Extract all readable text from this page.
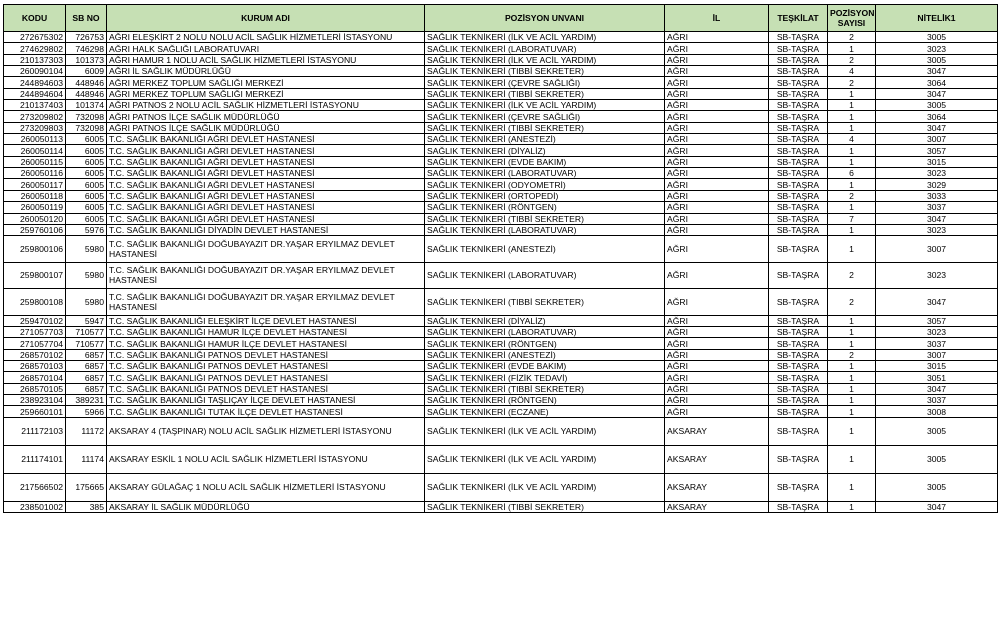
KODU	SB NO	KURUM ADI	POZİSYON UNVANI	İL	TEŞKİLAT	POZİSYON SAYISI	NİTELİK1
272675302	726753	AĞRI ELEŞKİRT 2 NOLU NOLU ACİL SAĞLIK HİZMETLERİ İSTASYONU	SAĞLIK TEKNİKERİ (İLK VE ACİL YARDIM)	AĞRI	SB-TAŞRA	2	3005
274629802	746298	AĞRI HALK SAĞLIĞI LABORATUVARI	SAĞLIK TEKNİKERİ (LABORATUVAR)	AĞRI	SB-TAŞRA	1	3023
210137303	101373	AĞRI HAMUR 1 NOLU ACİL SAĞLIK HİZMETLERİ İSTASYONU	SAĞLIK TEKNİKERİ (İLK VE ACİL YARDIM)	AĞRI	SB-TAŞRA	2	3005
260090104	6009	AĞRI İL SAĞLIK MÜDÜRLÜĞÜ	SAĞLIK TEKNİKERİ (TIBBİ SEKRETER)	AĞRI	SB-TAŞRA	4	3047
244894603	448946	AĞRI MERKEZ TOPLUM SAĞLIĞI MERKEZİ	SAĞLIK TEKNİKERİ (ÇEVRE SAĞLIĞI)	AĞRI	SB-TAŞRA	2	3064
244894604	448946	AĞRI MERKEZ TOPLUM SAĞLIĞI MERKEZİ	SAĞLIK TEKNİKERİ (TIBBİ SEKRETER)	AĞRI	SB-TAŞRA	1	3047
210137403	101374	AĞRI PATNOS 2 NOLU ACİL SAĞLIK HİZMETLERİ İSTASYONU	SAĞLIK TEKNİKERİ (İLK VE ACİL YARDIM)	AĞRI	SB-TAŞRA	1	3005
273209802	732098	AĞRI PATNOS İLÇE SAĞLIK MÜDÜRLÜĞÜ	SAĞLIK TEKNİKERİ (ÇEVRE SAĞLIĞI)	AĞRI	SB-TAŞRA	1	3064
273209803	732098	AĞRI PATNOS İLÇE SAĞLIK MÜDÜRLÜĞÜ	SAĞLIK TEKNİKERİ (TIBBİ SEKRETER)	AĞRI	SB-TAŞRA	1	3047
260050113	6005	T.C. SAĞLIK BAKANLIĞI AĞRI DEVLET HASTANESİ	SAĞLIK TEKNİKERİ (ANESTEZİ)	AĞRI	SB-TAŞRA	4	3007
260050114	6005	T.C. SAĞLIK BAKANLIĞI AĞRI DEVLET HASTANESİ	SAĞLIK TEKNİKERİ (DİYALİZ)	AĞRI	SB-TAŞRA	1	3057
260050115	6005	T.C. SAĞLIK BAKANLIĞI AĞRI DEVLET HASTANESİ	SAĞLIK TEKNİKERİ (EVDE BAKIM)	AĞRI	SB-TAŞRA	1	3015
260050116	6005	T.C. SAĞLIK BAKANLIĞI AĞRI DEVLET HASTANESİ	SAĞLIK TEKNİKERİ (LABORATUVAR)	AĞRI	SB-TAŞRA	6	3023
260050117	6005	T.C. SAĞLIK BAKANLIĞI AĞRI DEVLET HASTANESİ	SAĞLIK TEKNİKERİ (ODYOMETRİ)	AĞRI	SB-TAŞRA	1	3029
260050118	6005	T.C. SAĞLIK BAKANLIĞI AĞRI DEVLET HASTANESİ	SAĞLIK TEKNİKERİ (ORTOPEDİ)	AĞRI	SB-TAŞRA	2	3033
260050119	6005	T.C. SAĞLIK BAKANLIĞI AĞRI DEVLET HASTANESİ	SAĞLIK TEKNİKERİ (RÖNTGEN)	AĞRI	SB-TAŞRA	1	3037
260050120	6005	T.C. SAĞLIK BAKANLIĞI AĞRI DEVLET HASTANESİ	SAĞLIK TEKNİKERİ (TIBBİ SEKRETER)	AĞRI	SB-TAŞRA	7	3047
259760106	5976	T.C. SAĞLIK BAKANLIĞI DİYADİN DEVLET HASTANESİ	SAĞLIK TEKNİKERİ (LABORATUVAR)	AĞRI	SB-TAŞRA	1	3023
259800106	5980	T.C. SAĞLIK BAKANLIĞI DOĞUBAYAZIT DR.YAŞAR ERYILMAZ DEVLET HASTANESİ	SAĞLIK TEKNİKERİ (ANESTEZİ)	AĞRI	SB-TAŞRA	1	3007
259800107	5980	T.C. SAĞLIK BAKANLIĞI DOĞUBAYAZIT DR.YAŞAR ERYILMAZ DEVLET HASTANESİ	SAĞLIK TEKNİKERİ (LABORATUVAR)	AĞRI	SB-TAŞRA	2	3023
259800108	5980	T.C. SAĞLIK BAKANLIĞI DOĞUBAYAZIT DR.YAŞAR ERYILMAZ DEVLET HASTANESİ	SAĞLIK TEKNİKERİ (TIBBİ SEKRETER)	AĞRI	SB-TAŞRA	2	3047
259470102	5947	T.C. SAĞLIK BAKANLIĞI ELEŞKİRT İLÇE DEVLET HASTANESİ	SAĞLIK TEKNİKERİ (DİYALİZ)	AĞRI	SB-TAŞRA	1	3057
271057703	710577	T.C. SAĞLIK BAKANLIĞI HAMUR İLÇE DEVLET HASTANESİ	SAĞLIK TEKNİKERİ (LABORATUVAR)	AĞRI	SB-TAŞRA	1	3023
271057704	710577	T.C. SAĞLIK BAKANLIĞI HAMUR İLÇE DEVLET HASTANESİ	SAĞLIK TEKNİKERİ (RÖNTGEN)	AĞRI	SB-TAŞRA	1	3037
268570102	6857	T.C. SAĞLIK BAKANLIĞI PATNOS DEVLET HASTANESİ	SAĞLIK TEKNİKERİ (ANESTEZİ)	AĞRI	SB-TAŞRA	2	3007
268570103	6857	T.C. SAĞLIK BAKANLIĞI PATNOS DEVLET HASTANESİ	SAĞLIK TEKNİKERİ (EVDE BAKIM)	AĞRI	SB-TAŞRA	1	3015
268570104	6857	T.C. SAĞLIK BAKANLIĞI PATNOS DEVLET HASTANESİ	SAĞLIK TEKNİKERİ (FİZİK TEDAVİ)	AĞRI	SB-TAŞRA	1	3051
268570105	6857	T.C. SAĞLIK BAKANLIĞI PATNOS DEVLET HASTANESİ	SAĞLIK TEKNİKERİ (TIBBİ SEKRETER)	AĞRI	SB-TAŞRA	1	3047
238923104	389231	T.C. SAĞLIK BAKANLIĞI TAŞLIÇAY İLÇE DEVLET HASTANESİ	SAĞLIK TEKNİKERİ (RÖNTGEN)	AĞRI	SB-TAŞRA	1	3037
259660101	5966	T.C. SAĞLIK BAKANLIĞI TUTAK İLÇE DEVLET HASTANESİ	SAĞLIK TEKNİKERİ (ECZANE)	AĞRI	SB-TAŞRA	1	3008
211172103	11172	AKSARAY 4 (TAŞPINAR) NOLU ACİL SAĞLIK HİZMETLERİ İSTASYONU	SAĞLIK TEKNİKERİ (İLK VE ACİL YARDIM)	AKSARAY	SB-TAŞRA	1	3005
211174101	11174	AKSARAY ESKİL 1 NOLU ACİL SAĞLIK HİZMETLERİ İSTASYONU	SAĞLIK TEKNİKERİ (İLK VE ACİL YARDIM)	AKSARAY	SB-TAŞRA	1	3005
217566502	175665	AKSARAY GÜLAĞAÇ 1 NOLU ACİL SAĞLIK HİZMETLERİ İSTASYONU	SAĞLIK TEKNİKERİ (İLK VE ACİL YARDIM)	AKSARAY	SB-TAŞRA	1	3005
238501002	385	AKSARAY İL SAĞLIK MÜDÜRLÜĞÜ	SAĞLIK TEKNİKERİ (TIBBİ SEKRETER)	AKSARAY	SB-TAŞRA	1	3047
